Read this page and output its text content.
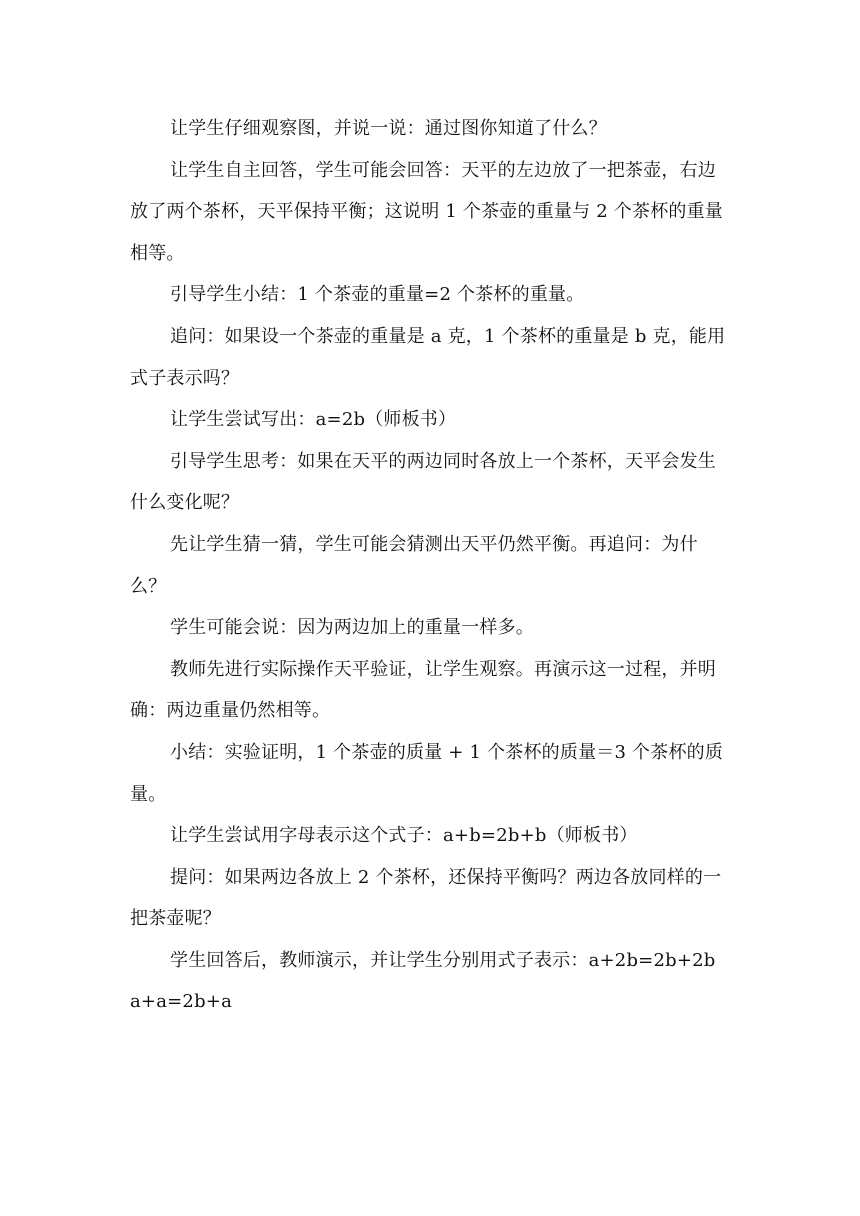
让学生仔细观察图，并说一说：通过图你知道了什么？

让学生自主回答，学生可能会回答：天平的左边放了一把茶壶，右边放了两个茶杯，天平保持平衡；这说明 1 个茶壶的重量与 2 个茶杯的重量相等。

引导学生小结：1 个茶壶的重量=2 个茶杯的重量。

追问：如果设一个茶壶的重量是 a 克，1 个茶杯的重量是 b 克，能用式子表示吗？

让学生尝试写出：a=2b（师板书）

引导学生思考：如果在天平的两边同时各放上一个茶杯，天平会发生什么变化呢？

先让学生猜一猜，学生可能会猜测出天平仍然平衡。再追问：为什么？

学生可能会说：因为两边加上的重量一样多。

教师先进行实际操作天平验证，让学生观察。再演示这一过程，并明确：两边重量仍然相等。

小结：实验证明，1 个茶壶的质量 + 1 个茶杯的质量＝3 个茶杯的质量。

让学生尝试用字母表示这个式子：a+b=2b+b（师板书）

提问：如果两边各放上 2 个茶杯，还保持平衡吗？两边各放同样的一把茶壶呢？

学生回答后，教师演示，并让学生分别用式子表示：a+2b=2b+2b

a+a=2b+a
